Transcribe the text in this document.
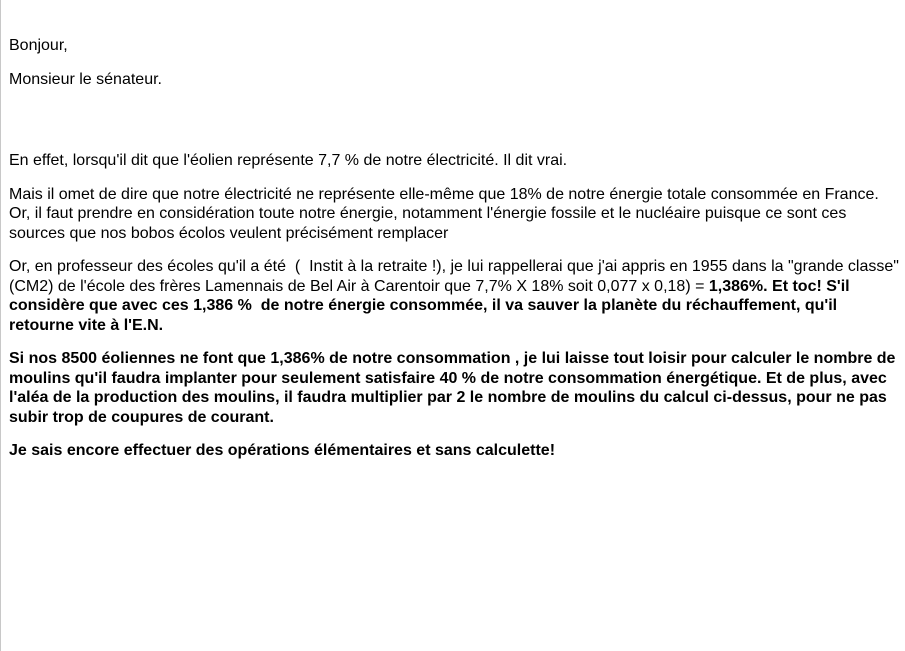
Bonjour,

Monsieur le sénateur.

En effet, lorsqu'il dit que l'éolien représente 7,7 % de notre électricité. Il dit vrai.

Mais il omet de dire que notre électricité ne représente elle-même que 18% de notre énergie totale consommée en France. Or, il faut prendre en considération toute notre énergie, notamment l'énergie fossile et le nucléaire puisque ce sont ces sources que nos bobos écolos veulent précisément remplacer

Or, en professeur des écoles qu'il a été  (  Instit à la retraite !), je lui rappellerai que j'ai appris en 1955 dans la "grande classe" (CM2) de l'école des frères Lamennais de Bel Air à Carentoir que 7,7% X 18% soit 0,077 x 0,18) = 1,386%. Et toc! S'il considère que avec ces 1,386 %  de notre énergie consommée, il va sauver la planète du réchauffement, qu'il retourne vite à l'E.N.

Si nos 8500 éoliennes ne font que 1,386% de notre consommation , je lui laisse tout loisir pour calculer le nombre de moulins qu'il faudra implanter pour seulement satisfaire 40 % de notre consommation énergétique. Et de plus, avec l'aléa de la production des moulins, il faudra multiplier par 2 le nombre de moulins du calcul ci-dessus, pour ne pas subir trop de coupures de courant.

Je sais encore effectuer des opérations élémentaires et sans calculette!
